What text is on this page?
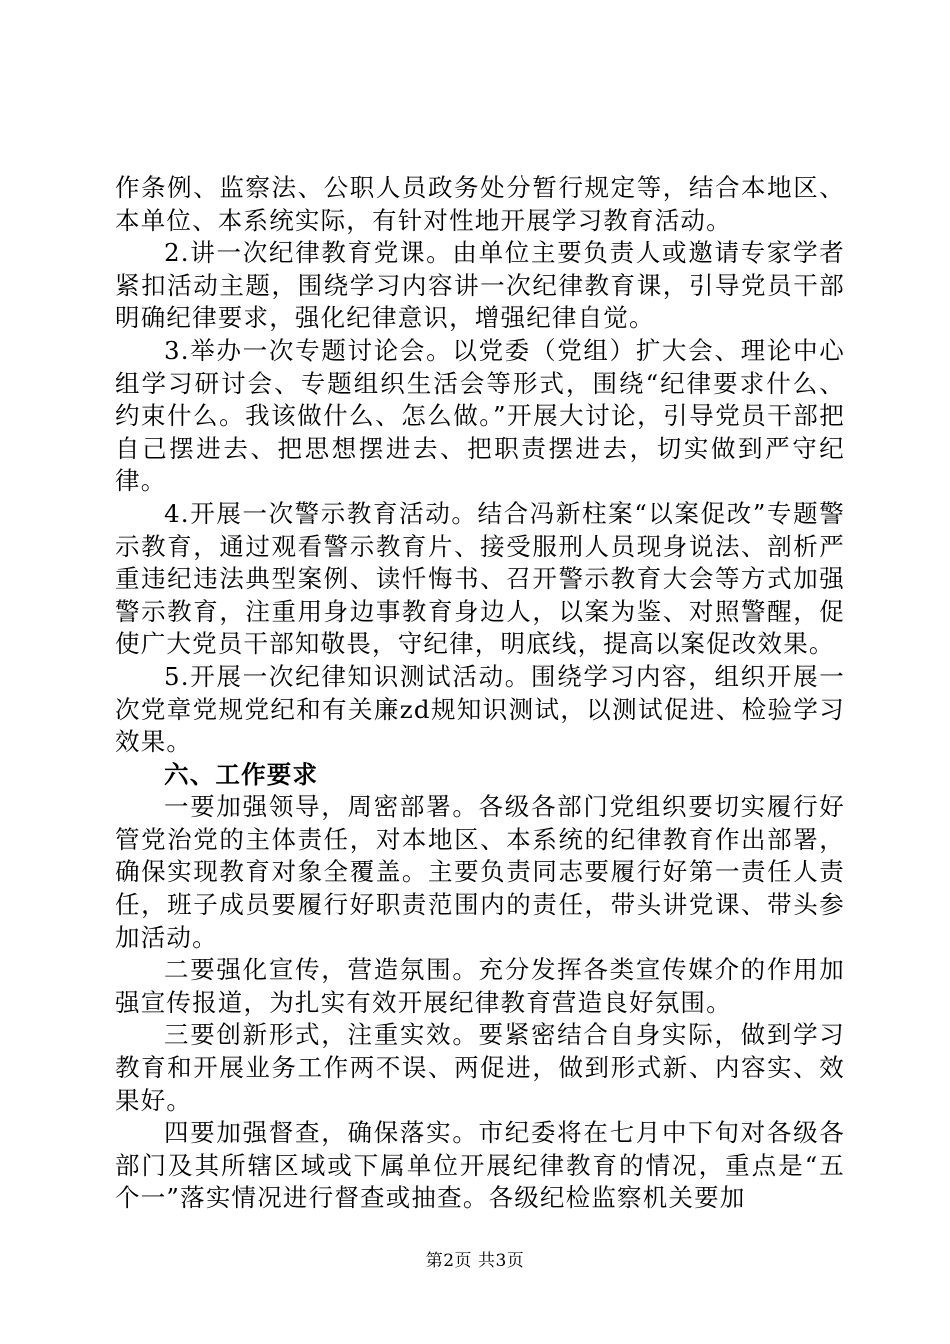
作条例、监察法、公职人员政务处分暂行规定等，结合本地区、本单位、本系统实际，有针对性地开展学习教育活动。

2.讲一次纪律教育党课。由单位主要负责人或邀请专家学者紧扣活动主题，围绕学习内容讲一次纪律教育课，引导党员干部明确纪律要求，强化纪律意识，增强纪律自觉。

3.举办一次专题讨论会。以党委（党组）扩大会、理论中心组学习研讨会、专题组织生活会等形式，围绕“纪律要求什么、约束什么。我该做什么、怎么做。”开展大讨论，引导党员干部把自己摆进去、把思想摆进去、把职责摆进去，切实做到严守纪律。

4.开展一次警示教育活动。结合冯新柱案“以案促改”专题警示教育，通过观看警示教育片、接受服刑人员现身说法、剖析严重违纪违法典型案例、读忏悔书、召开警示教育大会等方式加强警示教育，注重用身边事教育身边人，以案为鉴、对照警醒，促使广大党员干部知敬畏，守纪律，明底线，提高以案促改效果。

5.开展一次纪律知识测试活动。围绕学习内容，组织开展一次党章党规党纪和有关廉zd规知识测试，以测试促进、检验学习效果。

六、工作要求

一要加强领导，周密部署。各级各部门党组织要切实履行好管党治党的主体责任，对本地区、本系统的纪律教育作出部署，确保实现教育对象全覆盖。主要负责同志要履行好第一责任人责任，班子成员要履行好职责范围内的责任，带头讲党课、带头参加活动。

二要强化宣传，营造氛围。充分发挥各类宣传媒介的作用加强宣传报道，为扎实有效开展纪律教育营造良好氛围。

三要创新形式，注重实效。要紧密结合自身实际，做到学习教育和开展业务工作两不误、两促进，做到形式新、内容实、效果好。

四要加强督查，确保落实。市纪委将在七月中下旬对各级各部门及其所辖区域或下属单位开展纪律教育的情况，重点是“五个一”落实情况进行督查或抽查。各级纪检监察机关要加

第2页 共3页
